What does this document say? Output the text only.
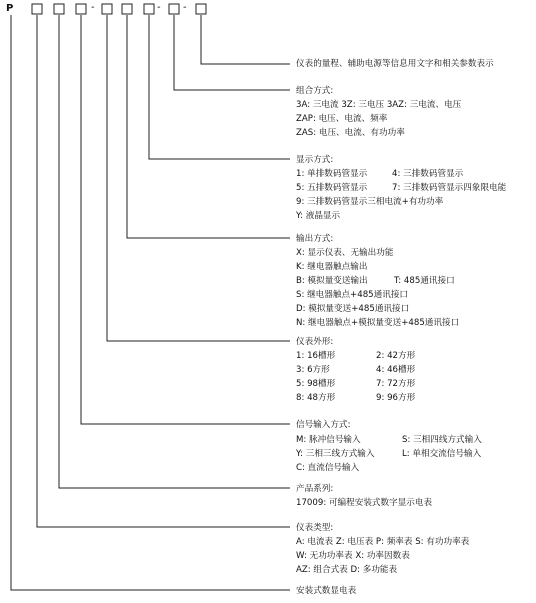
P	-	- -
仪表的量程、辅助电源等信息用文字和相关参数表示
组合方式:
3A: 三电流 3Z: 三电压 3AZ: 三电流、电压
ZAP: 电压、电流、频率
ZAS: 电压、电流、有功功率
显示方式:
1: 单排数码管显示	4: 三排数码管显示
5: 五排数码管显示	7: 三排数码管显示四象限电能
9: 三排数码管显示三相电流+有功功率
Y: 液晶显示
输出方式:
X: 显示仪表、无输出功能
K: 继电器触点输出
B: 模拟量变送输出	T: 485通讯接口
S: 继电器触点+485通讯接口
D: 模拟量变送+485通讯接口
N: 继电器触点+模拟量变送+485通讯接口
仪表外形:
1: 16槽形	2: 42方形
3: 6方形	4: 46槽形
5: 98槽形	7: 72方形
8: 48方形	9: 96方形
信号输入方式:
M: 脉冲信号输入	S: 三相四线方式输入
Y: 三相三线方式输入	L: 单相交流信号输入
C: 直流信号输入
产品系列:
17009: 可编程安装式数字显示电表
仪表类型:
A: 电流表 Z: 电压表 P: 频率表 S: 有功功率表
W: 无功功率表 X: 功率因数表
AZ: 组合式表 D: 多功能表
安装式数显电表
